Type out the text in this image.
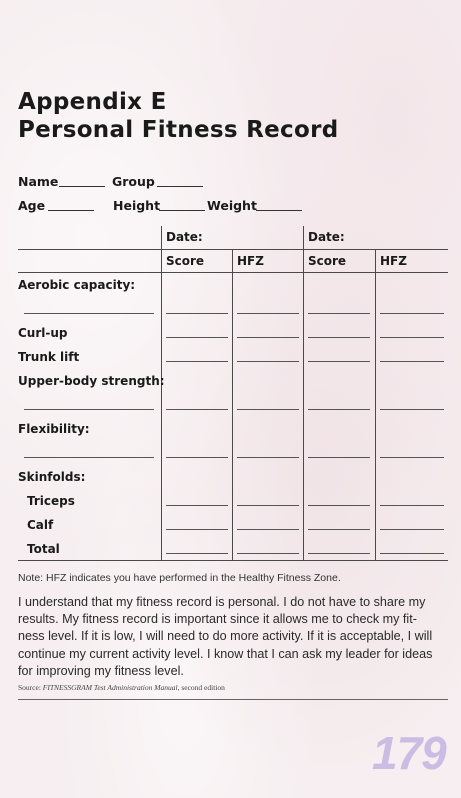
Appendix E
Personal Fitness Record
Name	Group
Age	Height	Weight
Date:	Date:
Score	HFZ	Score	HFZ
Aerobic capacity:
Curl-up
Trunk lift
Upper-body strength:
Flexibility:
Skinfolds:
Triceps
Calf
Total
Note: HFZ indicates you have performed in the Healthy Fitness Zone.
I understand that my fitness record is personal. I do not have to share my
results. My fitness record is important since it allows me to check my fit-
ness level. If it is low, I will need to do more activity. If it is acceptable, I will
continue my current activity level. I know that I can ask my leader for ideas
for improving my fitness level.
Source: FITNESSGRAM Test Administration Manual, second edition
179
